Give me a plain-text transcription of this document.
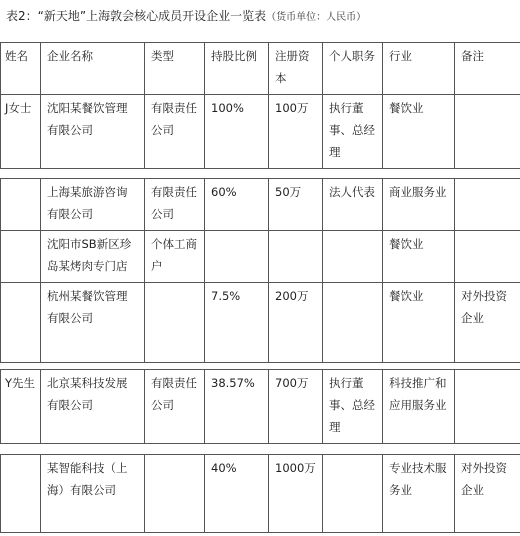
表2：“新天地”上海敦会核心成员开设企业一览表（货币单位：人民币）
姓名	企业名称	类型	持股比例	注册资本	个人职务	行业	备注
J女士	沈阳某餐饮管理有限公司	有限责任公司	100%	100万	执行董事、总经理	餐饮业	
	上海某旅游咨询有限公司	有限责任公司	60%	50万	法人代表	商业服务业	
	沈阳市SB新区珍岛某烤肉专门店	个体工商户				餐饮业	
	杭州某餐饮管理有限公司		7.5%	200万		餐饮业	对外投资企业
Y先生	北京某科技发展有限公司	有限责任公司	38.57%	700万	执行董事、总经理	科技推广和应用服务业	
	某智能科技（上海）有限公司		40%	1000万		专业技术服务业	对外投资企业
